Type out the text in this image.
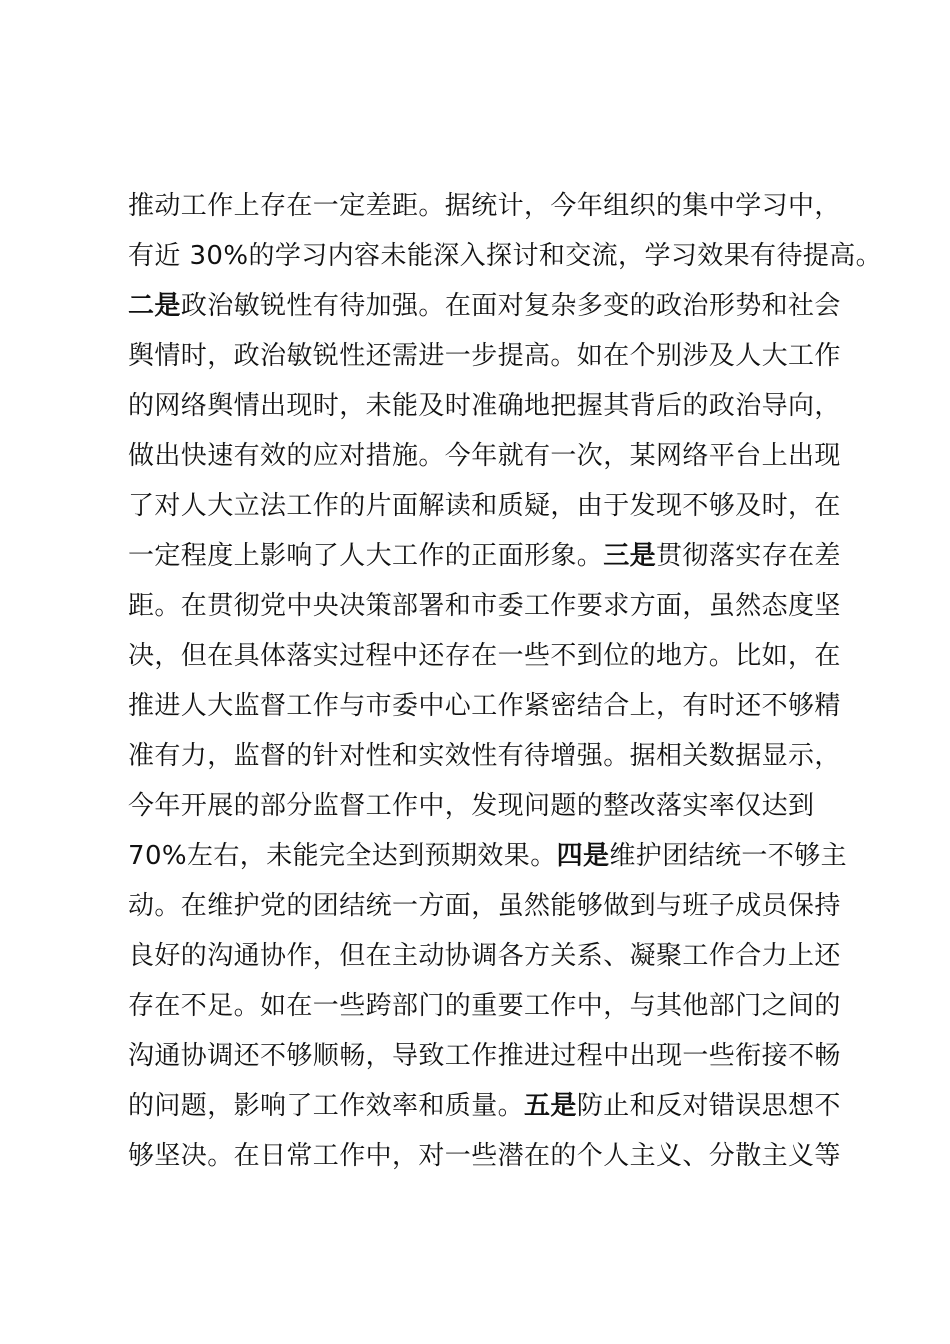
推动工作上存在一定差距。据统计，今年组织的集中学习中，
有近 30%的学习内容未能深入探讨和交流，学习效果有待提高。
二是政治敏锐性有待加强。在面对复杂多变的政治形势和社会
舆情时，政治敏锐性还需进一步提高。如在个别涉及人大工作
的网络舆情出现时，未能及时准确地把握其背后的政治导向，
做出快速有效的应对措施。今年就有一次，某网络平台上出现
了对人大立法工作的片面解读和质疑，由于发现不够及时，在
一定程度上影响了人大工作的正面形象。三是贯彻落实存在差
距。在贯彻党中央决策部署和市委工作要求方面，虽然态度坚
决，但在具体落实过程中还存在一些不到位的地方。比如，在
推进人大监督工作与市委中心工作紧密结合上，有时还不够精
准有力，监督的针对性和实效性有待增强。据相关数据显示，
今年开展的部分监督工作中，发现问题的整改落实率仅达到
70%左右，未能完全达到预期效果。四是维护团结统一不够主
动。在维护党的团结统一方面，虽然能够做到与班子成员保持
良好的沟通协作，但在主动协调各方关系、凝聚工作合力上还
存在不足。如在一些跨部门的重要工作中，与其他部门之间的
沟通协调还不够顺畅，导致工作推进过程中出现一些衔接不畅
的问题，影响了工作效率和质量。五是防止和反对错误思想不
够坚决。在日常工作中，对一些潜在的个人主义、分散主义等
